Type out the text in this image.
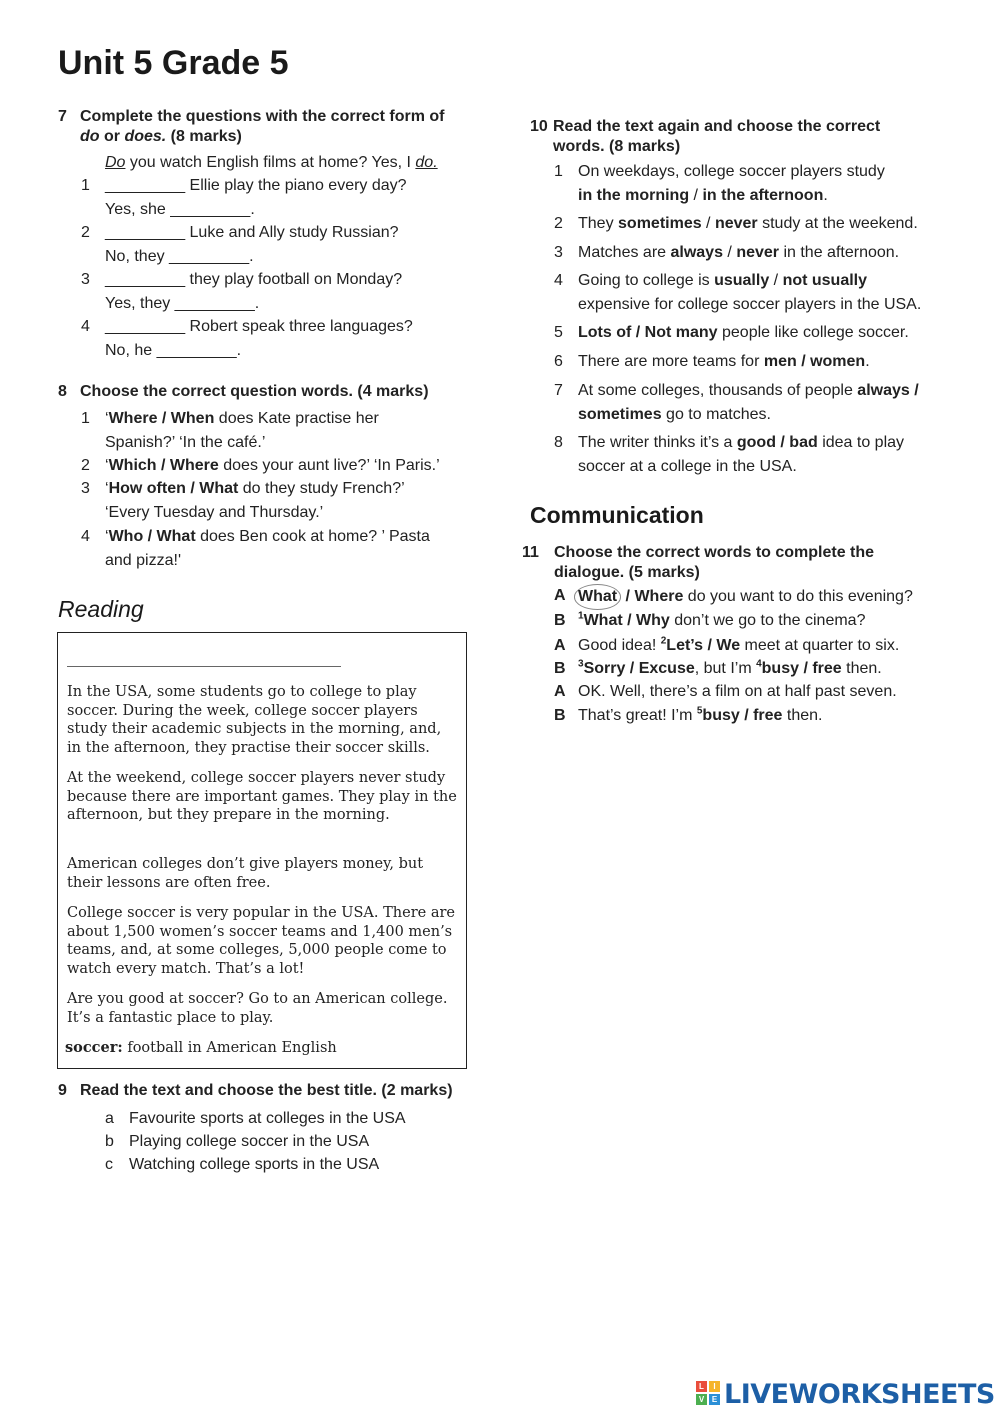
Unit 5 Grade 5
7 Complete the questions with the correct form of
do or does. (8 marks)
Do you watch English films at home? Yes, I do.
1 _________ Ellie play the piano every day?
Yes, she _________.
2 _________ Luke and Ally study Russian?
No, they _________.
3 _________ they play football on Monday?
Yes, they _________.
4 _________ Robert speak three languages?
No, he _________.
8 Choose the correct question words. (4 marks)
1 ‘Where / When does Kate practise her
Spanish?’ ‘In the café.’
2 ‘Which / Where does your aunt live?’ ‘In Paris.’
3 ‘How often / What do they study French?’
‘Every Tuesday and Thursday.’
4 ‘Who / What does Ben cook at home? ’ Pasta
and pizza!'
Reading

In the USA, some students go to college to play soccer. During the week, college soccer players study their academic subjects in the morning, and, in the afternoon, they practise their soccer skills.

At the weekend, college soccer players never study because there are important games. They play in the afternoon, but they prepare in the morning.

American colleges don’t give players money, but their lessons are often free.

College soccer is very popular in the USA. There are about 1,500 women’s soccer teams and 1,400 men’s teams, and, at some colleges, 5,000 people come to watch every match. That’s a lot!

Are you good at soccer? Go to an American college. It’s a fantastic place to play.

soccer: football in American English

9 Read the text and choose the best title. (2 marks)
a Favourite sports at colleges in the USA
b Playing college soccer in the USA
c Watching college sports in the USA
10 Read the text again and choose the correct
words. (8 marks)
1 On weekdays, college soccer players study
in the morning / in the afternoon.
2 They sometimes / never study at the weekend.
3 Matches are always / never in the afternoon.
4 Going to college is usually / not usually
expensive for college soccer players in the USA.
5 Lots of / Not many people like college soccer.
6 There are more teams for men / women.
7 At some colleges, thousands of people always /
sometimes go to matches.
8 The writer thinks it’s a good / bad idea to play
soccer at a college in the USA.
Communication
11 Choose the correct words to complete the
dialogue. (5 marks)
A What / Where do you want to do this evening?
B $^1$What / Why don’t we go to the cinema?
A Good idea! $^2$Let’s / We meet at quarter to six.
B $^3$Sorry / Excuse, but I’m $^4$busy / free then.
A OK. Well, there’s a film on at half past seven.
B That’s great! I’m $^5$busy / free then.
L	I
V E LIVEWORKSHEETS
